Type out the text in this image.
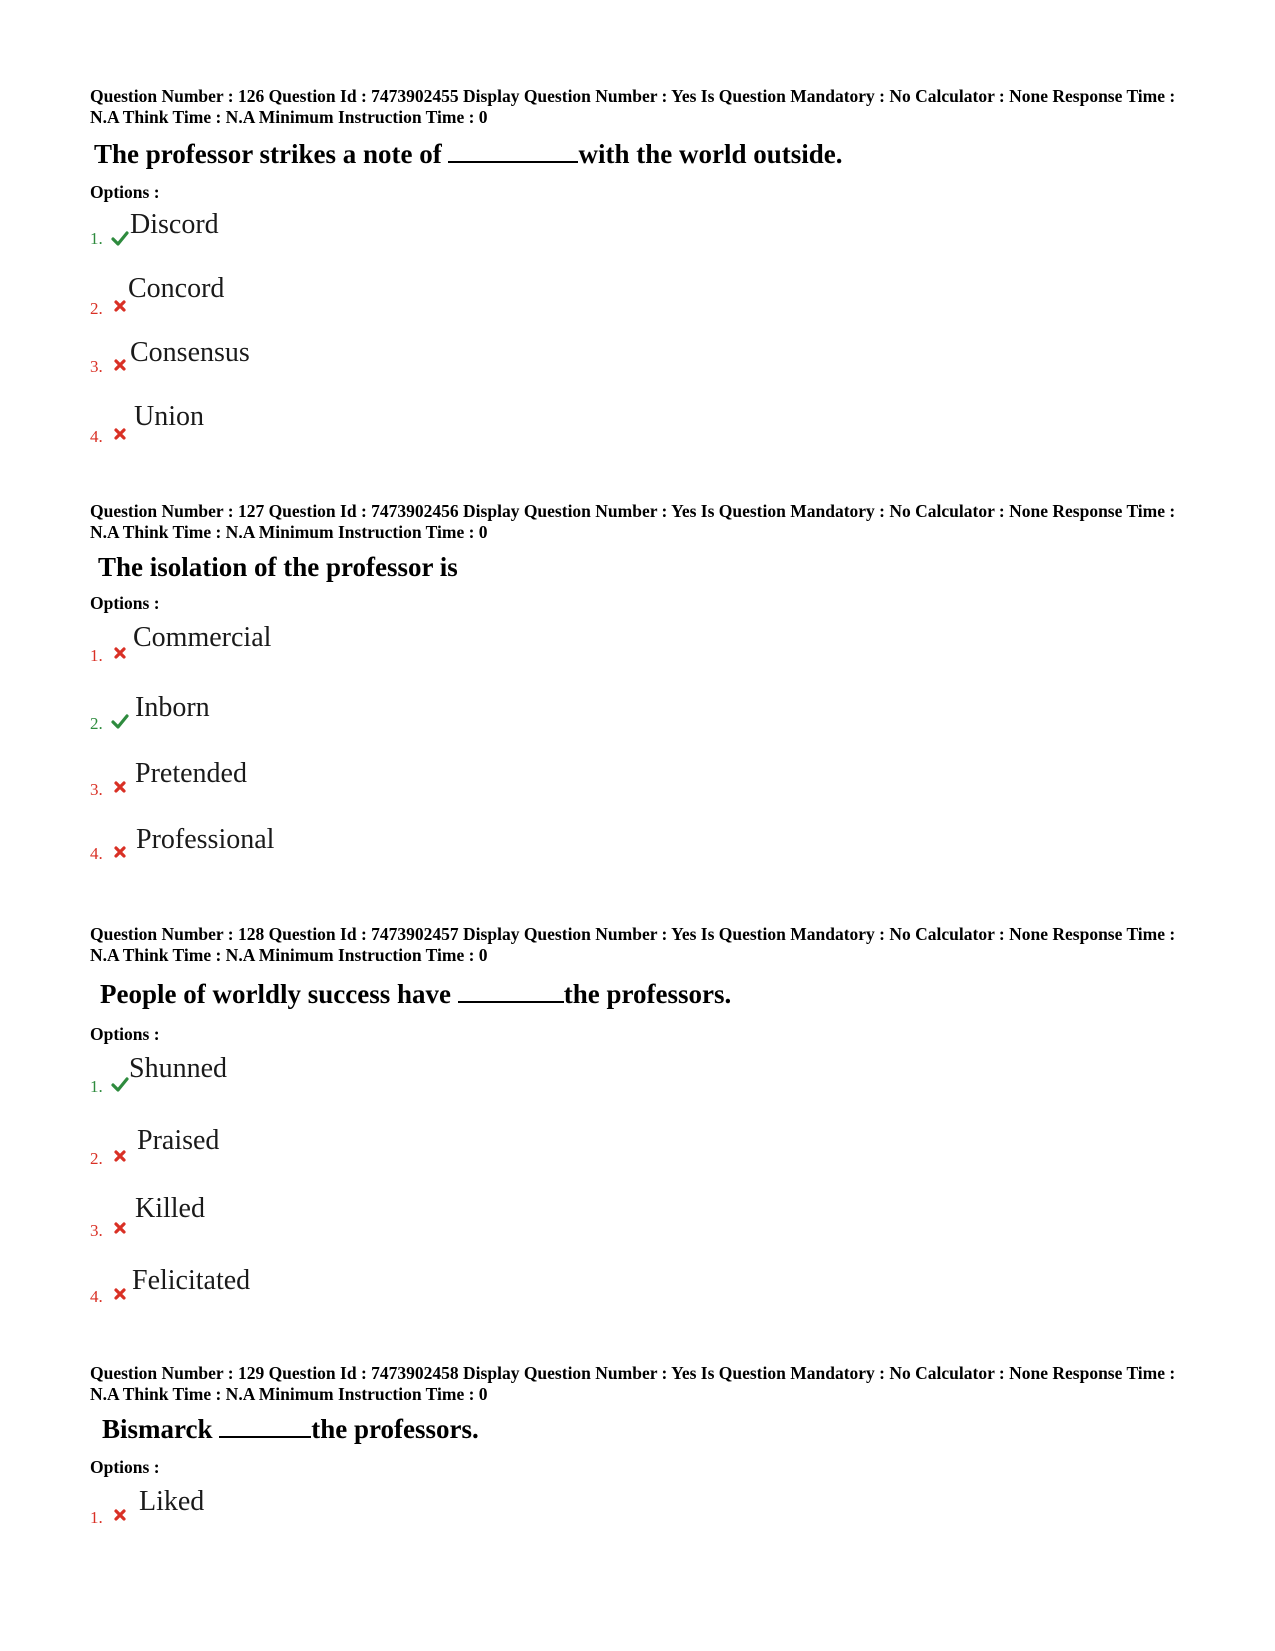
Question Number : 126 Question Id : 7473902455 Display Question Number : Yes Is Question Mandatory : No Calculator : None Response Time : N.A Think Time : N.A Minimum Instruction Time : 0
The professor strikes a note of	with the world outside.
Options :
1. Discord
2.
Concord
3. Consensus
4.
Union
Question Number : 127 Question Id : 7473902456 Display Question Number : Yes Is Question Mandatory : No Calculator : None Response Time : N.A Think Time : N.A Minimum Instruction Time : 0
The isolation of the professor is
Options :
1.
Commercial
2.
Inborn
3.
Pretended
4. Professional
Question Number : 128 Question Id : 7473902457 Display Question Number : Yes Is Question Mandatory : No Calculator : None Response Time : N.A Think Time : N.A Minimum Instruction Time : 0
People of worldly success have	the professors.
Options :
1.
Shunned
2.
Praised
3.
Killed
4.
Felicitated
Question Number : 129 Question Id : 7473902458 Display Question Number : Yes Is Question Mandatory : No Calculator : None Response Time : N.A Think Time : N.A Minimum Instruction Time : 0
Bismarck	the professors.
Options :
1.
Liked
